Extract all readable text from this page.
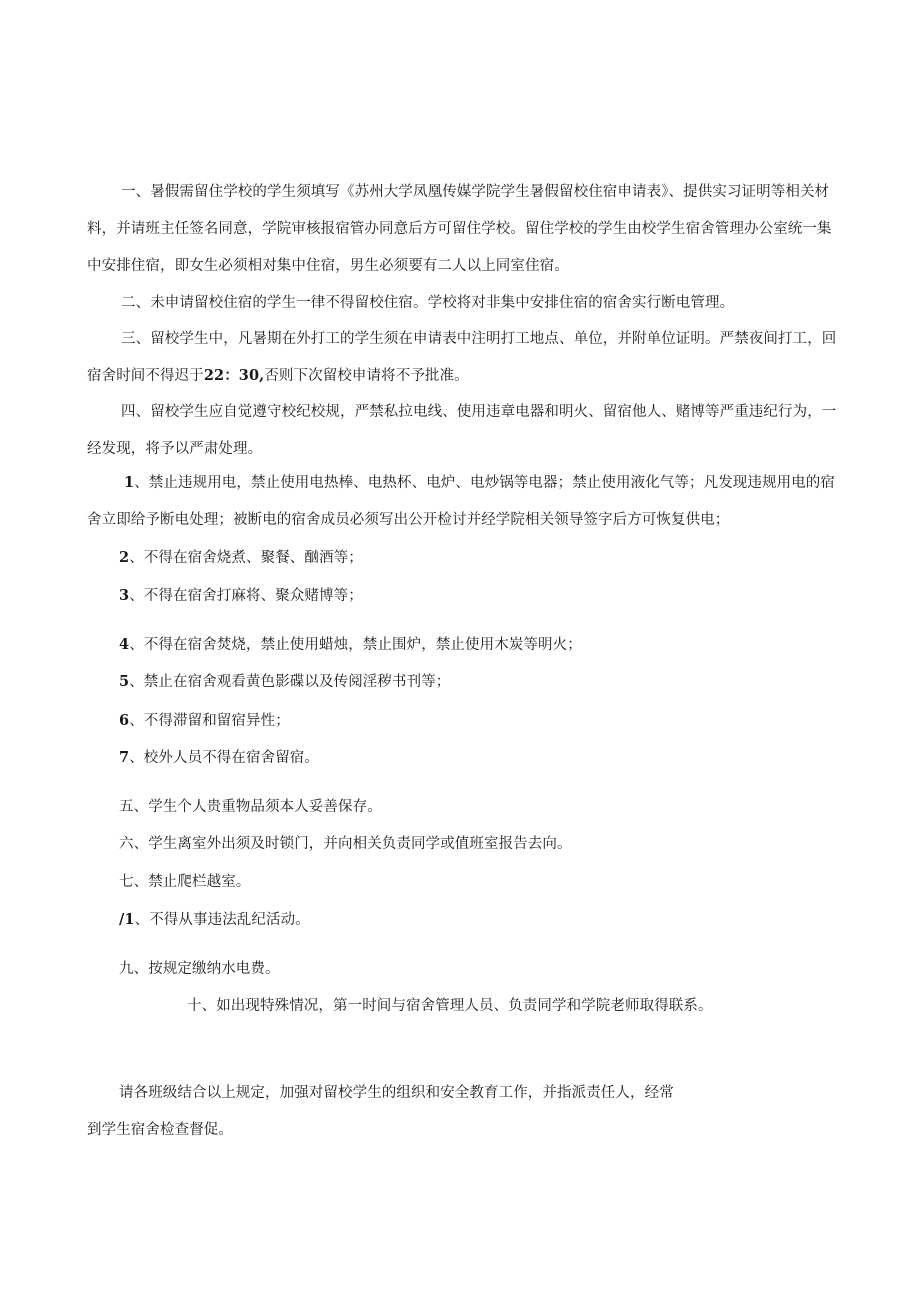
一、暑假需留住学校的学生须填写《苏州大学凤凰传媒学院学生暑假留校住宿申请表》、提供实习证明等相关材
料，并请班主任签名同意，学院审核报宿管办同意后方可留住学校。留住学校的学生由校学生宿舍管理办公室统一集
中安排住宿，即女生必须相对集中住宿，男生必须要有二人以上同室住宿。
二、未申请留校住宿的学生一律不得留校住宿。学校将对非集中安排住宿的宿舍实行断电管理。
三、留校学生中，凡暑期在外打工的学生须在申请表中注明打工地点、单位，并附单位证明。严禁夜间打工，回
宿舍时间不得迟于22：30,否则下次留校申请将不予批准。
四、留校学生应自觉遵守校纪校规，严禁私拉电线、使用违章电器和明火、留宿他人、赌博等严重违纪行为，一
经发现，将予以严肃处理。
1、禁止违规用电，禁止使用电热棒、电热杯、电炉、电炒锅等电器；禁止使用液化气等；凡发现违规用电的宿
舍立即给予断电处理；被断电的宿舍成员必须写出公开检讨并经学院相关领导签字后方可恢复供电；
2、不得在宿舍烧煮、聚餐、酗酒等；
3、不得在宿舍打麻将、聚众赌博等；
4、不得在宿舍焚烧，禁止使用蜡烛，禁止围炉，禁止使用木炭等明火；
5、禁止在宿舍观看黄色影碟以及传阅淫秽书刊等；
6、不得滞留和留宿异性；
7、校外人员不得在宿舍留宿。
五、学生个人贵重物品须本人妥善保存。
六、学生离室外出须及时锁门，并向相关负责同学或值班室报告去向。
七、禁止爬栏越室。
/1、不得从事违法乱纪活动。
九、按规定缴纳水电费。
十、如出现特殊情况，第一时间与宿舍管理人员、负责同学和学院老师取得联系。
请各班级结合以上规定，加强对留校学生的组织和安全教育工作，并指派责任人，经常
到学生宿舍检查督促。
